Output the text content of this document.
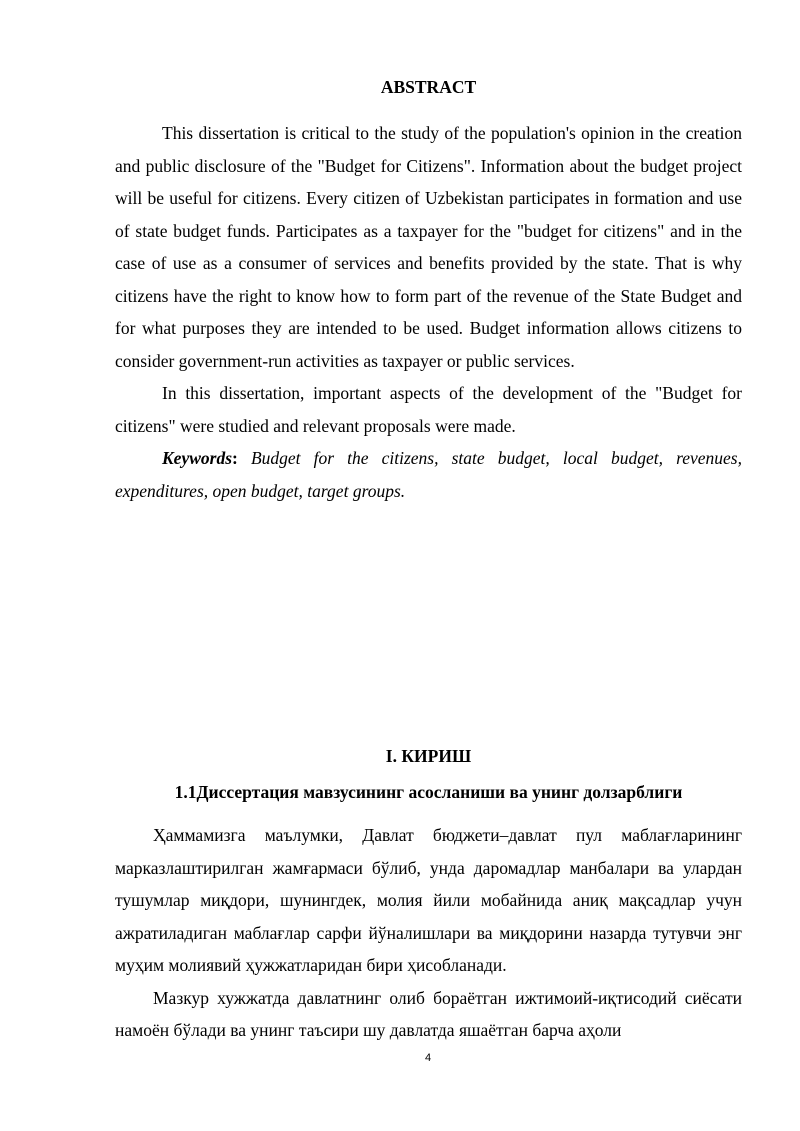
ABSTRACT

This dissertation is critical to the study of the population's opinion in the creation and public disclosure of the "Budget for Citizens". Information about the budget project will be useful for citizens. Every citizen of Uzbekistan participates in formation and use of state budget funds. Participates as a taxpayer for the "budget for citizens" and in the case of use as a consumer of services and benefits provided by the state. That is why citizens have the right to know how to form part of the revenue of the State Budget and for what purposes they are intended to be used. Budget information allows citizens to consider government-run activities as taxpayer or public services.

In this dissertation, important aspects of the development of the "Budget for citizens" were studied and relevant proposals were made.

Keywords: Budget for the citizens, state budget, local budget, revenues, expenditures, open budget, target groups.

I. КИРИШ
1.1Диссертация мавзусининг асосланиши ва унинг долзарблиги

Ҳаммамизга маълумки, Давлат бюджети–давлат пул маблағларининг марказлаштирилган жамғармаси бўлиб, унда даромадлар манбалари ва улардан тушумлар миқдори, шунингдек, молия йили мобайнида аниқ мақсадлар учун ажратиладиган маблағлар сарфи йўналишлари ва миқдорини назарда тутувчи энг муҳим молиявий ҳужжатларидан бири ҳисобланади.

Мазкур хужжатда давлатнинг олиб бораётган ижтимоий-иқтисодий сиёсати намоён бўлади ва унинг таъсири шу давлатда яшаётган барча аҳоли

4
